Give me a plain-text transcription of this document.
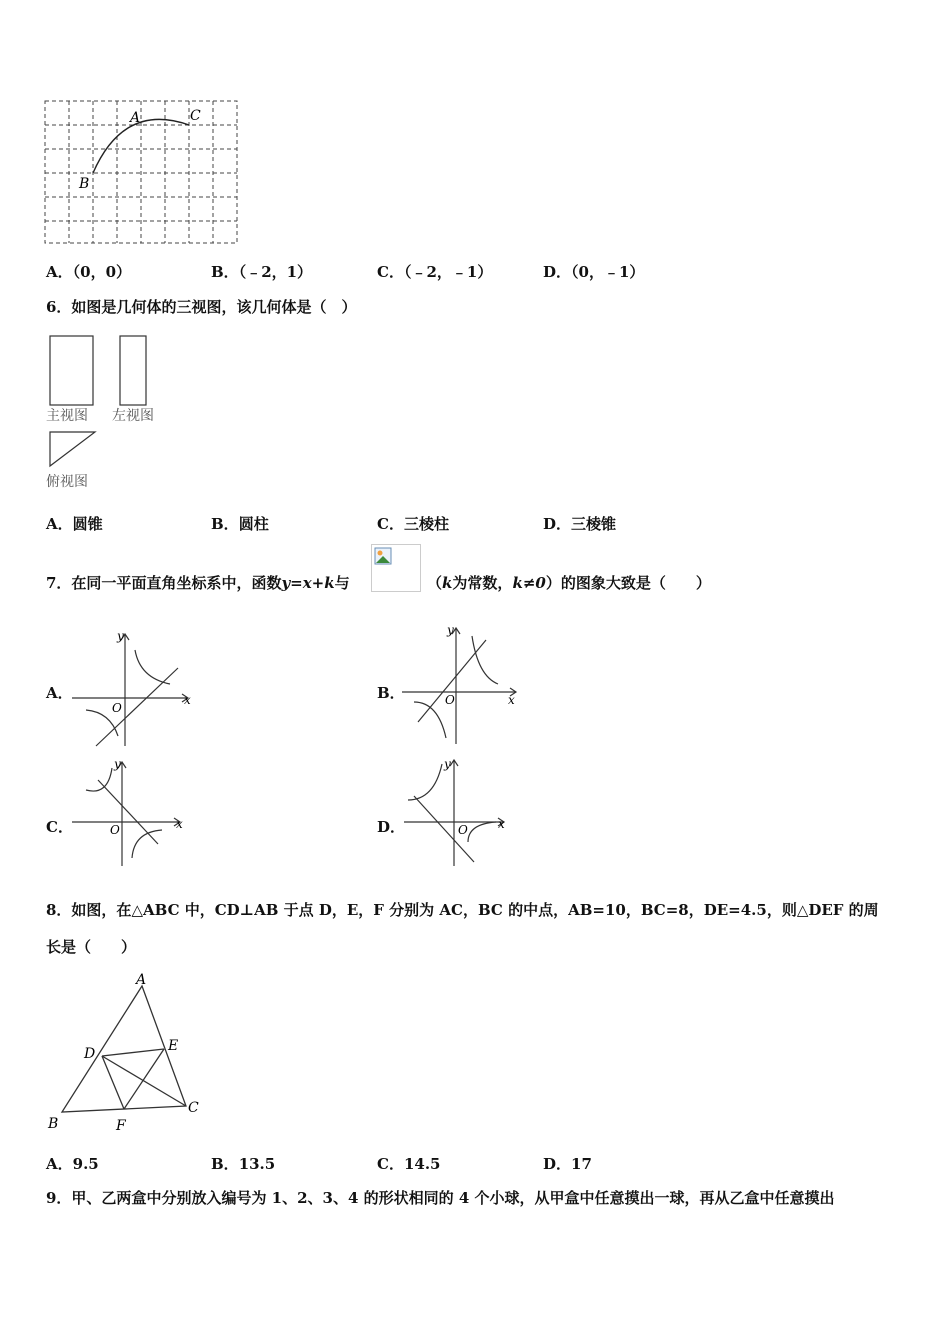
A	C
B
A．（0，0）	B．（﹣2，1）	C．（﹣2，﹣1）	D．（0，﹣1）
6．如图是几何体的三视图，该几何体是（　）
主视图 左视图
俯视图
A．圆锥	B．圆柱	C．三棱柱	D．三棱锥
7．在同一平面直角坐标系中，函数y=x+k与	（k为常数，k≠0）的图象大致是（　　）
A．
y
x
O
B．
y
x
O
C．
y
x
O	D．
y
x
O
8．如图，在△ABC 中，CD⊥AB 于点 D，E，F 分别为 AC，BC 的中点，AB=10，BC=8，DE=4.5，则△DEF 的周
长是（　　）
A
D	E
B	F
C
A．9.5	B．13.5	C．14.5	D．17
9．甲、乙两盒中分别放入编号为 1、2、3、4 的形状相同的 4 个小球，从甲盒中任意摸出一球，再从乙盒中任意摸出
